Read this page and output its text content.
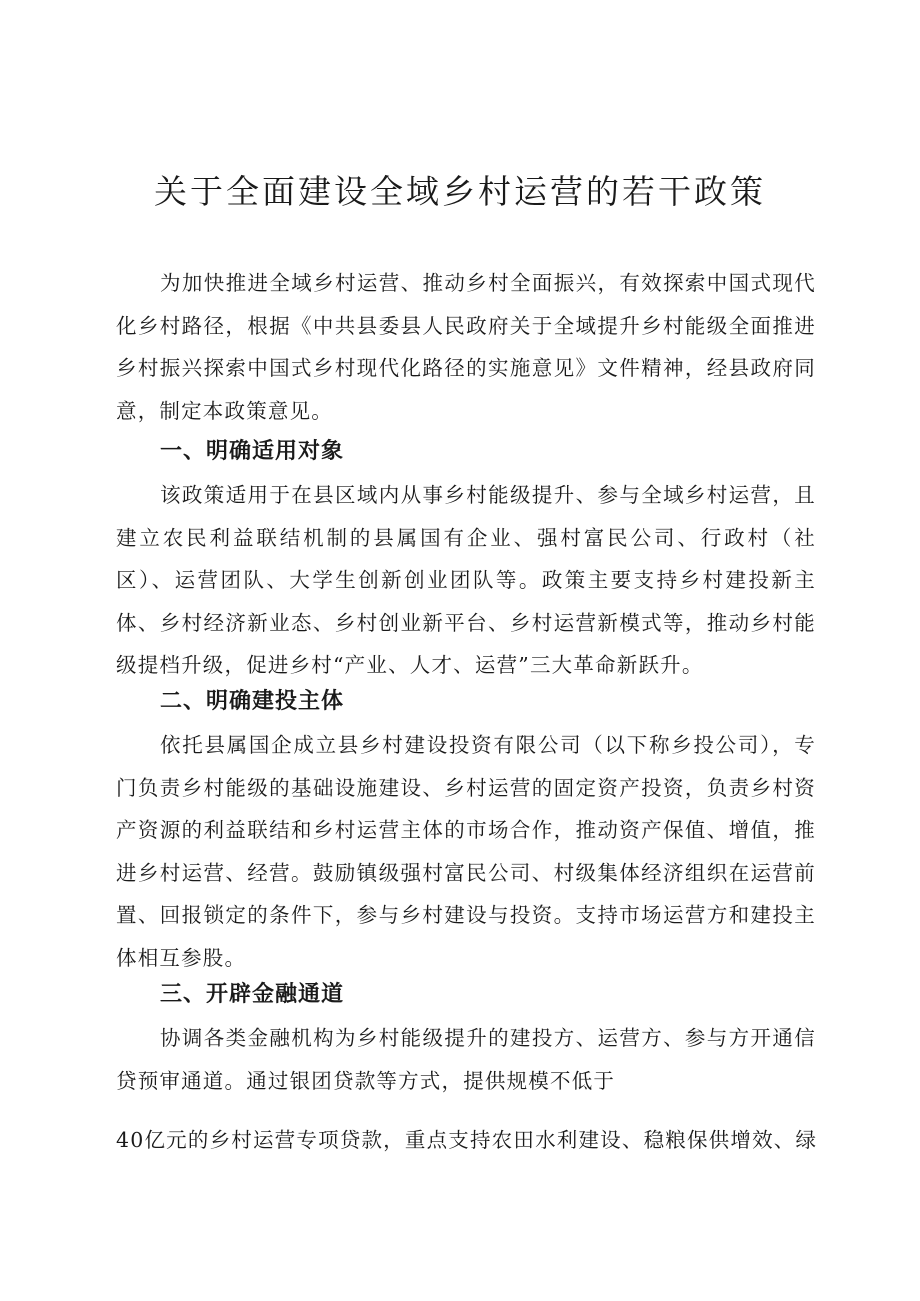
关于全面建设全域乡村运营的若干政策

为加快推进全域乡村运营、推动乡村全面振兴，有效探索中国式现代化乡村路径，根据《中共县委县人民政府关于全域提升乡村能级全面推进乡村振兴探索中国式乡村现代化路径的实施意见》文件精神，经县政府同意，制定本政策意见。

一、明确适用对象

该政策适用于在县区域内从事乡村能级提升、参与全域乡村运营，且建立农民利益联结机制的县属国有企业、强村富民公司、行政村（社区）、运营团队、大学生创新创业团队等。政策主要支持乡村建投新主体、乡村经济新业态、乡村创业新平台、乡村运营新模式等，推动乡村能级提档升级，促进乡村“产业、人才、运营”三大革命新跃升。

二、明确建投主体

依托县属国企成立县乡村建设投资有限公司（以下称乡投公司），专门负责乡村能级的基础设施建设、乡村运营的固定资产投资，负责乡村资产资源的利益联结和乡村运营主体的市场合作，推动资产保值、增值，推进乡村运营、经营。鼓励镇级强村富民公司、村级集体经济组织在运营前置、回报锁定的条件下，参与乡村建设与投资。支持市场运营方和建投主体相互参股。

三、开辟金融通道

协调各类金融机构为乡村能级提升的建投方、运营方、参与方开通信贷预审通道。通过银团贷款等方式，提供规模不低于

40亿元的乡村运营专项贷款，重点支持农田水利建设、稳粮保供增效、绿
